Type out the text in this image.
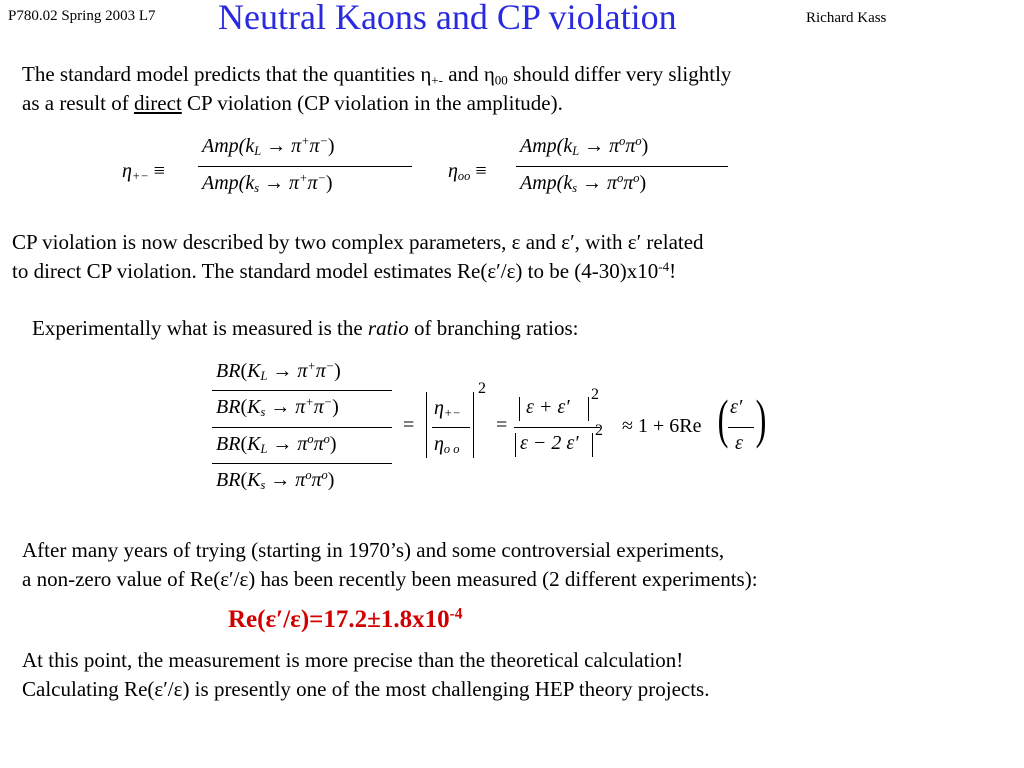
P780.02 Spring 2003 L7 Neutral Kaons and CP violation	Richard Kass
The standard model predicts that the quantities $\eta_{+-}$ and $\eta_{00}$ should differ very slightly
as a result of direct CP violation (CP violation in the amplitude).
$\eta_{+-}$ ≡
$Amp(k_L \to \pi^+\pi^-)$
$Amp(k_s \to \pi^+\pi^-)$
$\eta_{oo}$ ≡
$Amp(k_L \to \pi^o\pi^o)$
$Amp(k_s \to \pi^o\pi^o)$
CP violation is now described by two complex parameters, ε and ε′, with ε′ related
to direct CP violation. The standard model estimates Re(ε′/ε) to be $(4-30)x10^{-4}$!
Experimentally what is measured is the ratio of branching ratios:
$BR(K_L \to \pi^+\pi^-)$
$BR(K_s \to \pi^+\pi^-)$
$BR(K_L \to \pi^o\pi^o)$
$BR(K_s \to \pi^o\pi^o)$
=
$\eta_{+-}$
$\eta_{o o}$
2
=
ε + ε′
2
ε − 2 ε′
2 ≈ 1 + 6Re ( ε′
ε )
After many years of trying (starting in 1970’s) and some controversial experiments,
a non-zero value of Re(ε′/ε) has been recently been measured (2 different experiments):
$Re(\varepsilon'/\varepsilon)=17.2\pm 1.8x10^{-4}$
At this point, the measurement is more precise than the theoretical calculation!
Calculating Re(ε′/ε) is presently one of the most challenging HEP theory projects.
